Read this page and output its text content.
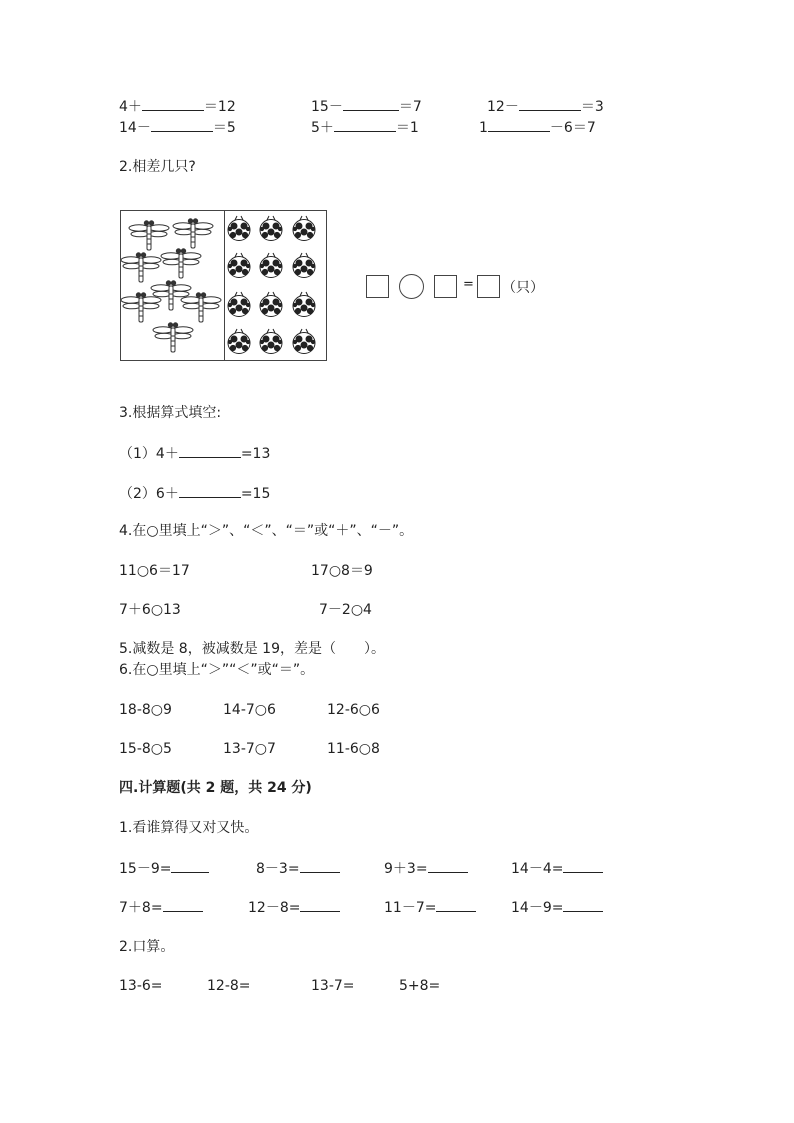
4＋	＝12	15－	＝7	12－	＝3
14－	＝5	5＋	＝1	1	－6＝7
2.相差几只?
= （只）
3.根据算式填空:
（1）4＋	=13
（2）6＋	=15
4.在○里填上“＞”、“＜”、“＝”或“＋”、“－”。
11○6＝17	17○8＝9
7＋6○13	7－2○4
5.减数是 8，被减数是 19，差是（　　）。
6.在○里填上“＞”“＜”或“＝”。
18-8○9	14-7○6	12-6○6
15-8○5	13-7○7	11-6○8
四.计算题(共 2 题，共 24 分)
1.看谁算得又对又快。
15－9=	8－3=	9＋3=	14－4=
7＋8=	12－8=	11－7=	14－9=
2.口算。
13-6=	12-8=	13-7=	5+8=
